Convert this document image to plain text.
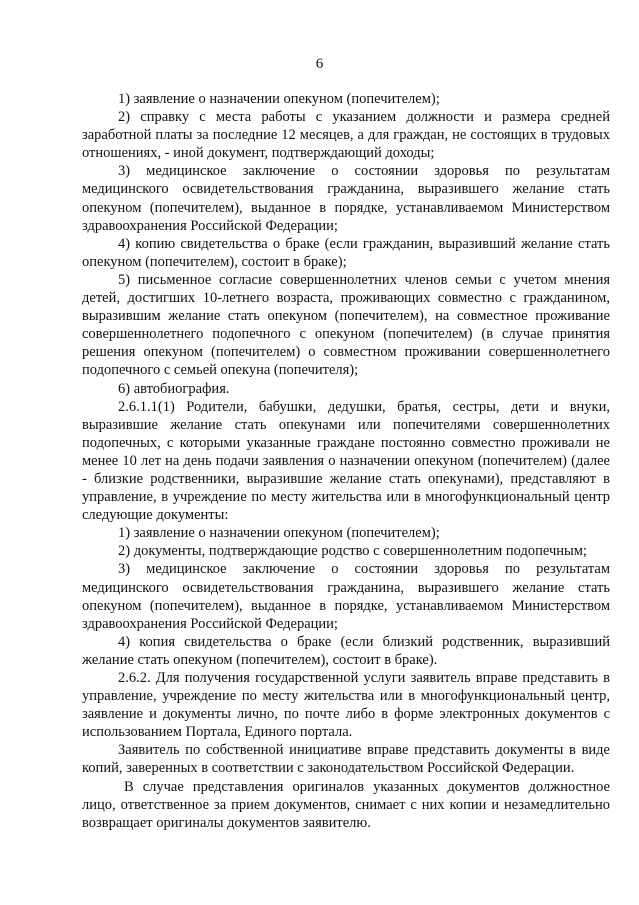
6

1) заявление о назначении опекуном (попечителем);

2) справку с места работы с указанием должности и размера средней заработной платы за последние 12 месяцев, а для граждан, не состоящих в трудовых отношениях, - иной документ, подтверждающий доходы;

3) медицинское заключение о состоянии здоровья по результатам медицинского освидетельствования гражданина, выразившего желание стать опекуном (попечителем), выданное в порядке, устанавливаемом Министерством здравоохранения Российской Федерации;

4) копию свидетельства о браке (если гражданин, выразивший желание стать опекуном (попечителем), состоит в браке);

5) письменное согласие совершеннолетних членов семьи с учетом мнения детей, достигших 10-летнего возраста, проживающих совместно с гражданином, выразившим желание стать опекуном (попечителем), на совместное проживание совершеннолетнего подопечного с опекуном (попечителем) (в случае принятия решения опекуном (попечителем) о совместном проживании совершеннолетнего подопечного с семьей опекуна (попечителя);

6) автобиография.

2.6.1.1(1) Родители, бабушки, дедушки, братья, сестры, дети и внуки, выразившие желание стать опекунами или попечителями совершеннолетних подопечных, с которыми указанные граждане постоянно совместно проживали не менее 10 лет на день подачи заявления о назначении опекуном (попечителем) (далее - близкие родственники, выразившие желание стать опекунами), представляют в управление, в учреждение по месту жительства или в многофункциональный центр следующие документы:

1) заявление о назначении опекуном (попечителем);

2) документы, подтверждающие родство с совершеннолетним подопечным;

3) медицинское заключение о состоянии здоровья по результатам медицинского освидетельствования гражданина, выразившего желание стать опекуном (попечителем), выданное в порядке, устанавливаемом Министерством здравоохранения Российской Федерации;

4) копия свидетельства о браке (если близкий родственник, выразивший желание стать опекуном (попечителем), состоит в браке).

2.6.2. Для получения государственной услуги заявитель вправе представить в управление, учреждение по месту жительства или в многофункциональный центр, заявление и документы лично, по почте либо в форме электронных документов с использованием Портала, Единого портала.

Заявитель по собственной инициативе вправе представить документы в виде копий, заверенных в соответствии с законодательством Российской Федерации.

В случае представления оригиналов указанных документов должностное лицо, ответственное за прием документов, снимает с них копии и незамедлительно возвращает оригиналы документов заявителю.
